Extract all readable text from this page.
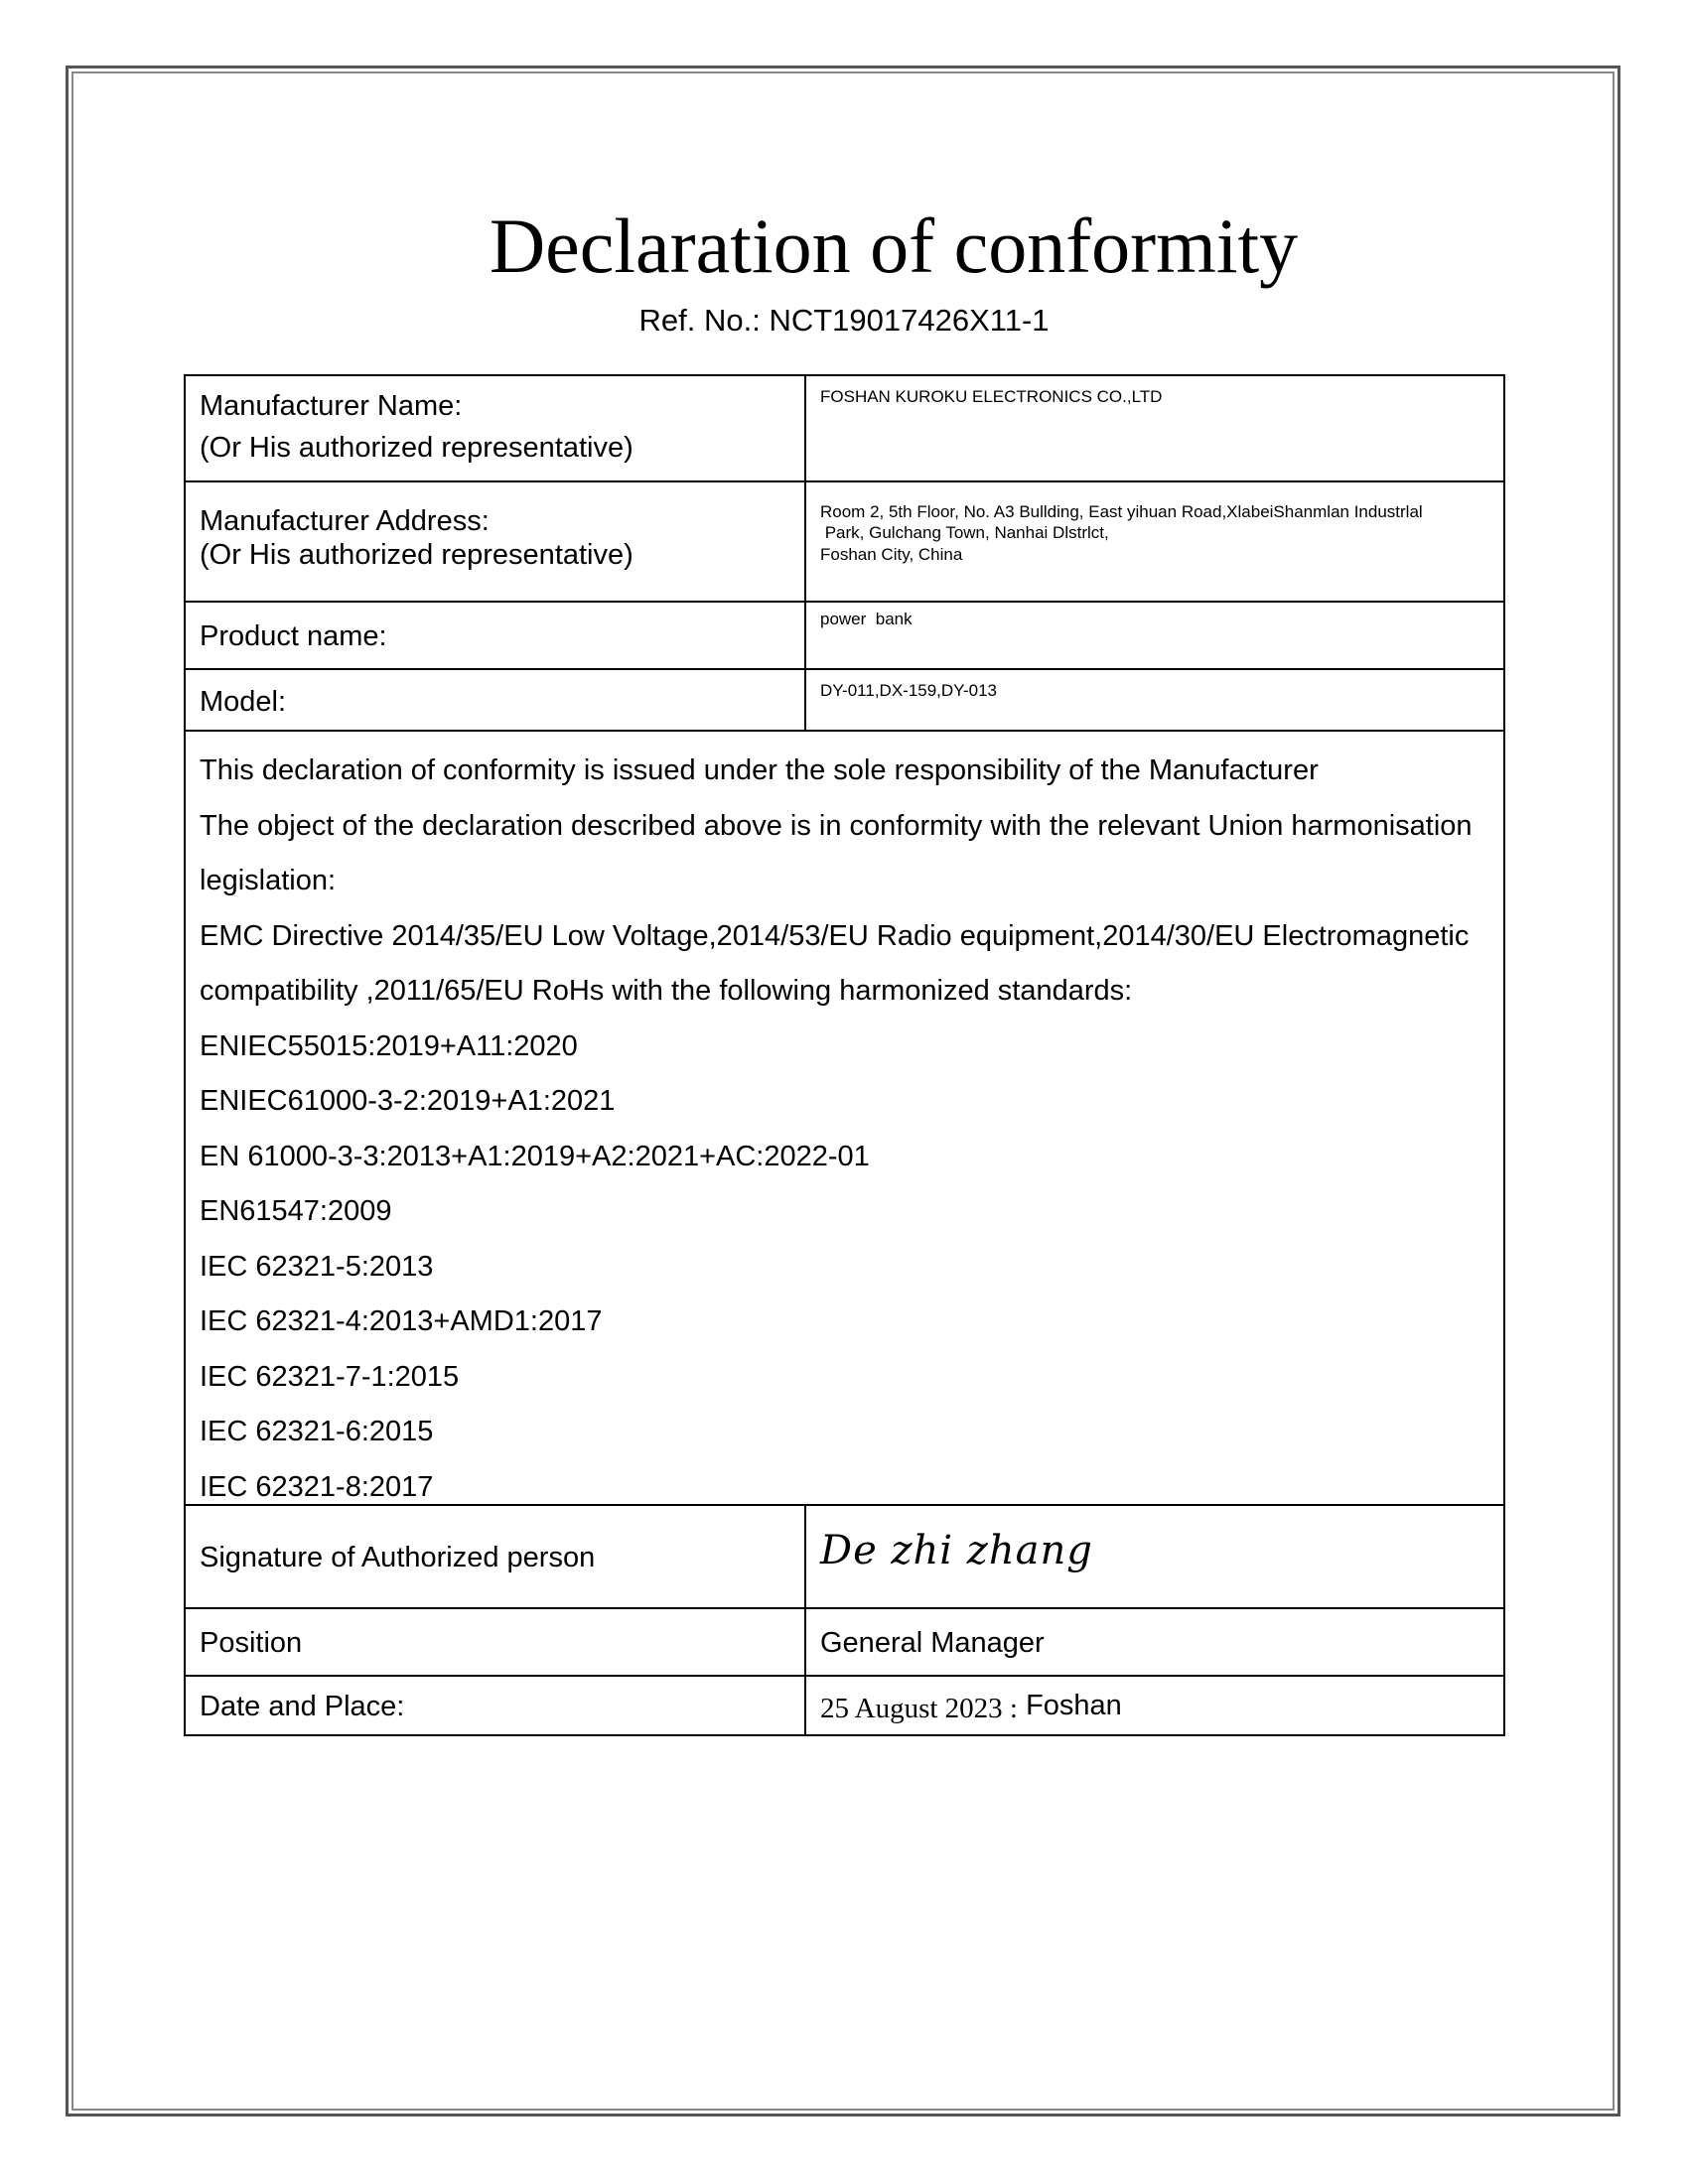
Declaration of conformity
Ref. No.: NCT19017426X11-1
Manufacturer Name:
(Or His authorized representative)
FOSHAN KUROKU ELECTRONICS CO.,LTD
Manufacturer Address:
(Or His authorized representative)
Room 2, 5th Floor, No. A3 Bullding, East yihuan Road,XlabeiShanmlan Industrlal
Park, Gulchang Town, Nanhai Dlstrlct,
Foshan City, China
Product name:
power  bank
Model:	DY-011,DX-159,DY-013
This declaration of conformity is issued under the sole responsibility of the Manufacturer
The object of the declaration described above is in conformity with the relevant Union harmonisation
legislation:
EMC Directive 2014/35/EU Low Voltage,2014/53/EU Radio equipment,2014/30/EU Electromagnetic
compatibility ,2011/65/EU RoHs with the following harmonized standards:
ENIEC55015:2019+A11:2020
ENIEC61000-3-2:2019+A1:2021
EN 61000-3-3:2013+A1:2019+A2:2021+AC:2022-01
EN61547:2009
IEC 62321-5:2013
IEC 62321-4:2013+AMD1:2017
IEC 62321-7-1:2015
IEC 62321-6:2015
IEC 62321-8:2017
Signature of Authorized person	De zhi zhang
Position	General Manager
Date and Place:	25 August 2023 : Foshan
